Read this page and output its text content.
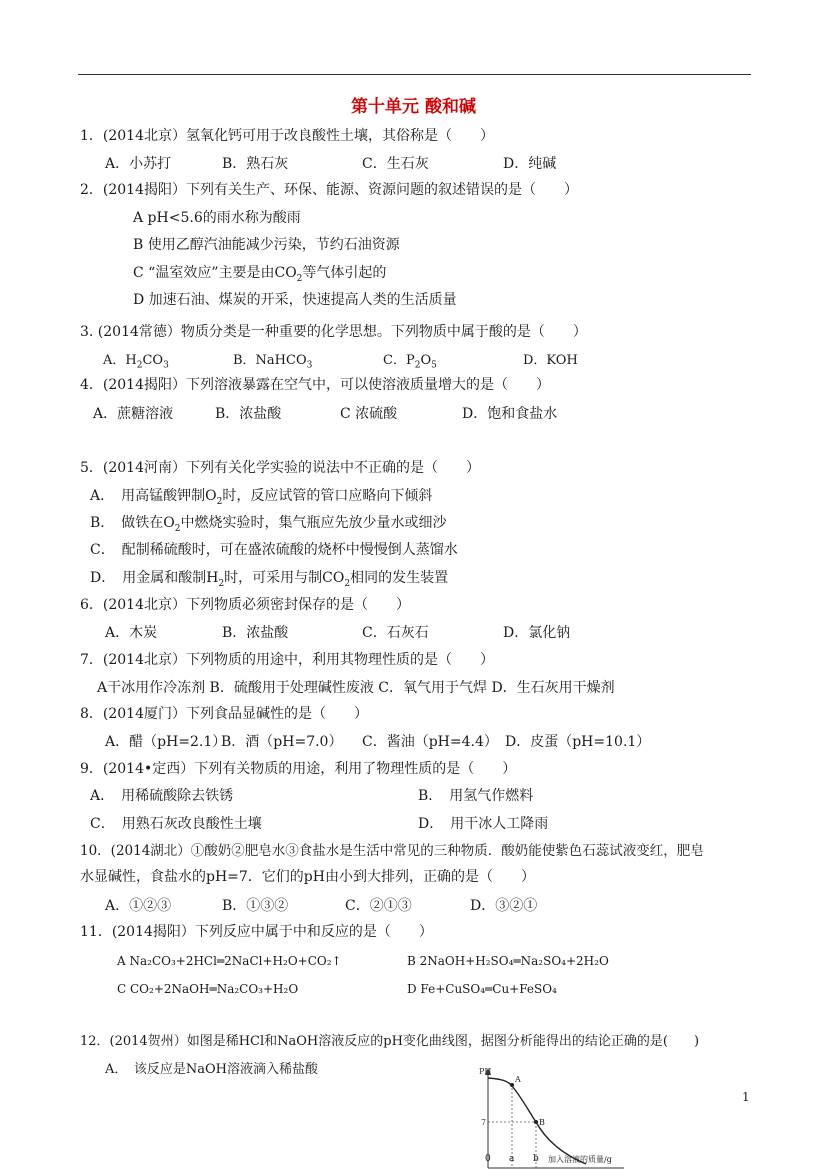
第十单元 酸和碱
1．(2014北京）氢氧化钙可用于改良酸性土壤，其俗称是（　　）
A．小苏打	B．熟石灰	C．生石灰	D．纯碱
2．(2014揭阳）下列有关生产、环保、能源、资源问题的叙述错误的是（　　）
A pH<5.6的雨水称为酸雨
B 使用乙醇汽油能减少污染，节约石油资源
C “温室效应”主要是由$CO_2$等气体引起的
D 加速石油、煤炭的开采，快速提高人类的生活质量
3. (2014常德）物质分类是一种重要的化学思想。下列物质中属于酸的是（　　）
A．$H_2CO_3$	B．NaHCO$_3$	C．$P_2O_5$	D．KOH
4．(2014揭阳）下列溶液暴露在空气中，可以使溶液质量增大的是（　　）
A．蔗糖溶液	B．浓盐酸	C 浓硫酸	D．饱和食盐水
5．(2014河南）下列有关化学实验的说法中不正确的是（　　）
A．　用高锰酸钾制$O_2$时，反应试管的管口应略向下倾斜
B．　做铁在$O_2$中燃烧实验时，集气瓶应先放少量水或细沙
C．　配制稀硫酸时，可在盛浓硫酸的烧杯中慢慢倒人蒸馏水
D．　用金属和酸制$H_2$时，可采用与制$CO_2$相同的发生装置
6．(2014北京）下列物质必须密封保存的是（　　）
A．木炭	B．浓盐酸	C．石灰石	D．氯化钠
7．(2014北京）下列物质的用途中，利用其物理性质的是（　　）
A干冰用作冷冻剂 B．硫酸用于处理碱性废液 C．氧气用于气焊 D．生石灰用干燥剂
8．(2014厦门）下列食品显碱性的是（　　）
A．醋（pH=2.1）
B．酒（pH=7.0） C．酱油（pH=4.4） D．皮蛋（pH=10.1）
9．(2014•定西）下列有关物质的用途，利用了物理性质的是（　　）
A．　用稀硫酸除去铁锈	B．　用氢气作燃料
C．　用熟石灰改良酸性土壤	D．　用干冰人工降雨
10．(2014湖北）①酸奶②肥皂水③食盐水是生活中常见的三种物质．酸奶能使紫色石蕊试液变红，肥皂
水显碱性，食盐水的pH=7．它们的pH由小到大排列，正确的是（　　）
A．①②③	B．①③②	C．②①③	D．③②①
11．(2014揭阳）下列反应中属于中和反应的是（　　）
A Na₂CO₃+2HCl═2NaCl+H₂O+CO₂↑	B 2NaOH+H₂SO₄═Na₂SO₄+2H₂O
C CO₂+2NaOH═Na₂CO₃+H₂O	D Fe+CuSO₄═Cu+FeSO₄
12．(2014贺州）如图是稀HCl和NaOH溶液反应的pH变化曲线图，据图分析能得出的结论正确的是(　　)
A．　该反应是NaOH溶液滴入稀盐酸	PH
7
A
B
0 a b 加入溶液的质量/g
1
